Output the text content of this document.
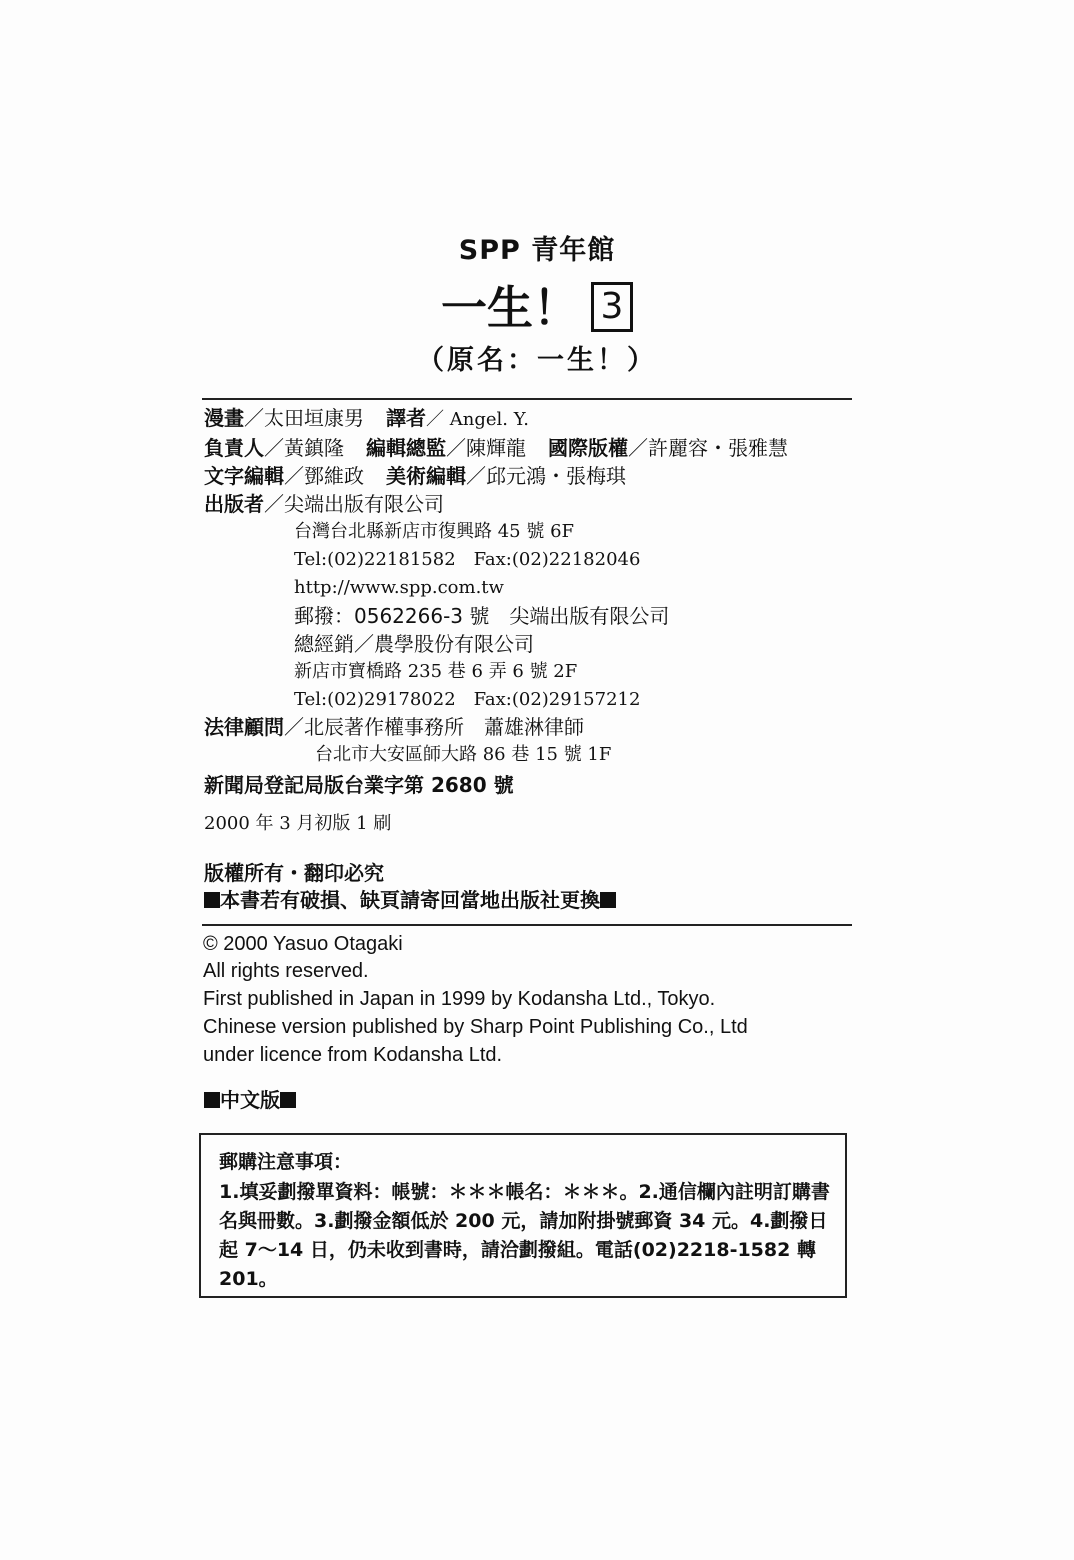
SPP 青年館
一生！ 3
（原名：一生！）
漫畫／太田垣康男 譯者／ Angel. Y.
負責人／黃鎮隆 編輯總監／陳輝龍 國際版權／許麗容・張雅慧
文字編輯／鄧維政 美術編輯／邱元鴻・張梅琪
出版者／尖端出版有限公司
台灣台北縣新店市復興路 45 號 6F
Tel:(02)22181582　Fax:(02)22182046
http://www.spp.com.tw
郵撥：0562266-3 號　尖端出版有限公司
總經銷／農學股份有限公司
新店市寶橋路 235 巷 6 弄 6 號 2F
Tel:(02)29178022　Fax:(02)29157212
法律顧問／北辰著作權事務所　蕭雄淋律師
台北市大安區師大路 86 巷 15 號 1F
新聞局登記局版台業字第 2680 號
2000 年 3 月初版 1 刷
版權所有・翻印必究
本書若有破損、缺頁請寄回當地出版社更換
© 2000 Yasuo Otagaki
All rights reserved.
First published in Japan in 1999 by Kodansha Ltd., Tokyo.
Chinese version published by Sharp Point Publishing Co., Ltd
under licence from Kodansha Ltd.
中文版
郵購注意事項：
1.填妥劃撥單資料：帳號：＊＊＊帳名：＊＊＊。2.通信欄內註明訂購書名與冊數。3.劃撥金額低於 200 元，請加附掛號郵資 34 元。4.劃撥日起 7～14 日，仍未收到書時，請洽劃撥組。電話(02)2218-1582 轉 201。
